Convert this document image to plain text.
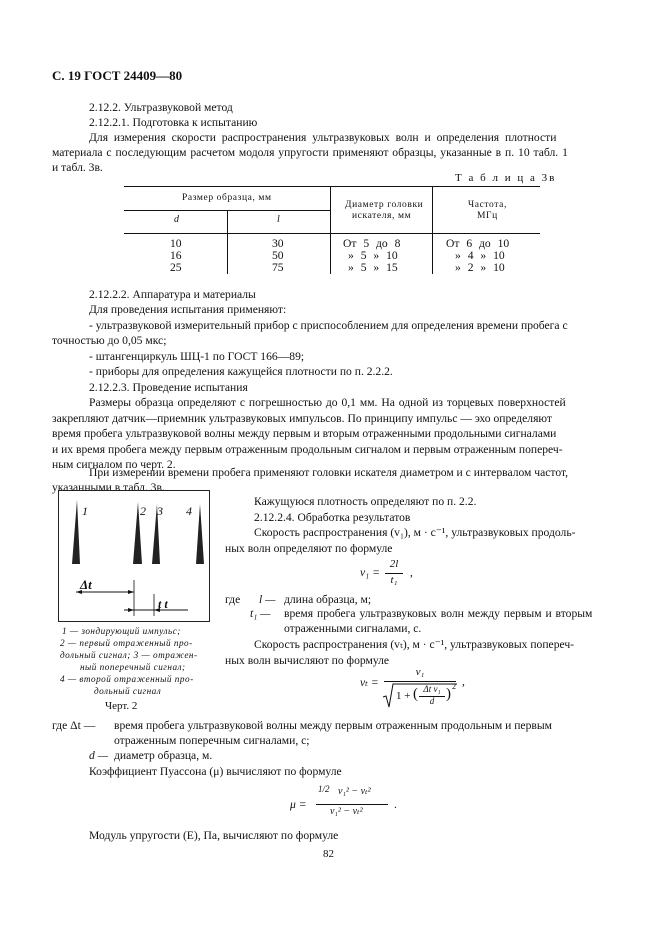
С. 19 ГОСТ 24409—80
2.12.2. Ультразвуковой метод
2.12.2.1. Подготовка к испытанию
Для измерения скорости распространения ультразвуковых волн и определения плотности
материала с последующим расчетом модоля упругости применяют образцы, указанные в п. 10 табл. 1
и табл. 3в.
Т а б л и ц а 3в
Размер образца, мм
d	l
Диаметр головки
искателя, мм
Частота,
МГц
10	30	От 5 до 8	От 6 до 10
16	50	» 5 » 10	» 4 » 10
25	75	» 5 » 15	» 2 » 10
2.12.2.2. Аппаратура и материалы
Для проведения испытания применяют:
- ультразвуковой измерительный прибор с приспособлением для определения времени пробега с
точностью до 0,05 мкс;
- штангенциркуль ШЦ-1 по ГОСТ 166—89;
- приборы для определения кажущейся плотности по п. 2.2.2.
2.12.2.3. Проведение испытания
Размеры образца определяют с погрешностью до 0,1 мм. На одной из торцевых поверхностей
закрепляют датчик—приемник ультразвуковых импульсов. По принципу импульс — эхо определяют
время пробега ультразвуковой волны между первым и вторым отраженными продольными сигналами
и их время пробега между первым отраженным продольным сигналом и первым отраженным попереч-
ным сигналом по черт. 2.
При измерении времени пробега применяют головки искателя диаметром и с интервалом частот,
указанными в табл. 3в.
1	2 3 4
Δt
t t
1 — зондирующий импульс;
2 — первый отраженный про-
дольный сигнал; 3 — отражен-
ный поперечный сигнал;
4 — второй отраженный про-
дольный сигнал
Черт. 2
Кажущуюся плотность определяют по п. 2.2.
2.12.2.4. Обработка результатов
Скорость распространения (v₁), м · с⁻¹, ультразвуковых продоль-
ных волн определяют по формуле
v₁ =
2l
t₁
,
где l — длина образца, м;
t₁ — время пробега ультразвуковых волн между первым и вторым
отраженными сигналами, с.
Скорость распространения (vₜ), м · с⁻¹, ультразвуковых попереч-
ных волн вычисляют по формуле
vₜ =
v₁
1 + ( Δt v₁
d ) 2 ,
где Δt — время пробега ультразвуковой волны между первым отраженным продольным и первым
отраженным поперечным сигналами, с;
d — диаметр образца, м.
Коэффициент Пуассона (μ) вычисляют по формуле
μ =
1/2 v₁² − vₜ²
v₁² − vₜ²
.
Модуль упругости (E), Па, вычисляют по формуле
82
